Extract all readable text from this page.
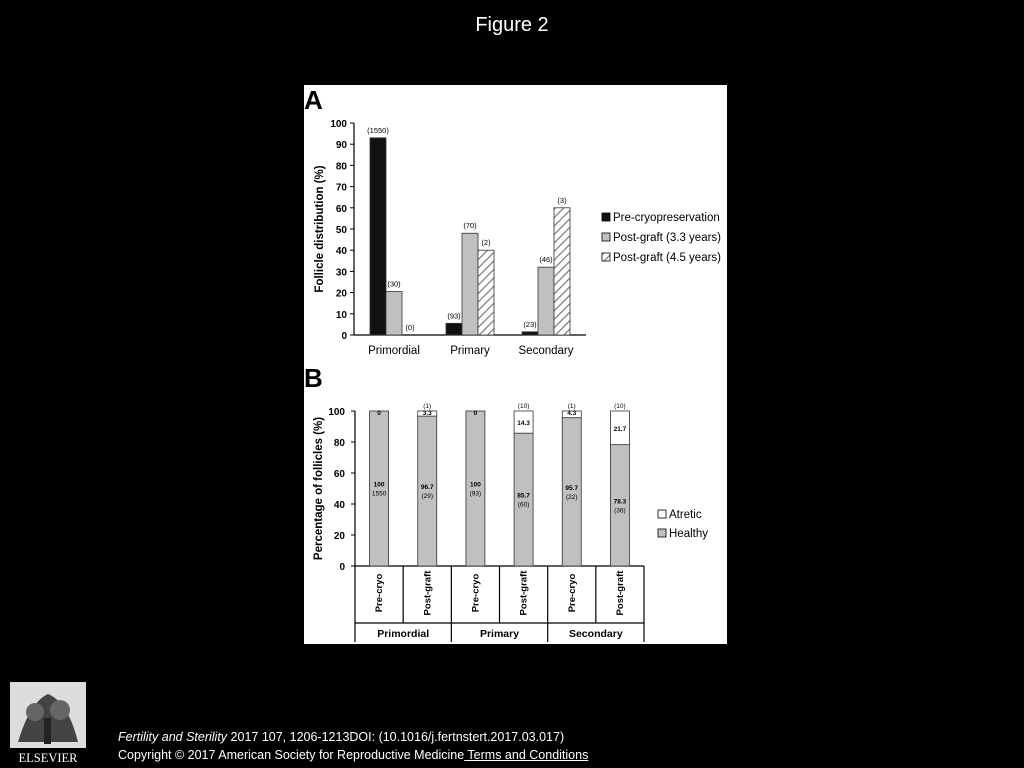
Figure 2
A
0
10
20
30
40
50
60
70
80
90
100
Follicle distribution (%)
(1550)
(30)
(0)
Primordial
(93)
(70)
(2)
Primary
(23)
(46)
(3)
Secondary
Pre-cryopreservation
Post-graft (3.3 years)
Post-graft (4.5 years)
B
0
20
40
60
80
100
Percentage of follicles (%)	100
1550
0
Pre-cryo
96.7
(29)
3.3
(1)
Post-graft
100
(93)
0
Pre-cryo
85.7
(60)
14.3
(10)
Post-graft
95.7
(22)
4.3
(1)
Pre-cryo
78.3
(36)
21.7
(10)
Post-graft
Primordial	Primary	Secondary
Atretic
Healthy
ELSEVIER
Fertility and Sterility 2017 107, 1206-1213DOI: (10.1016/j.fertnstert.2017.03.017)
Copyright © 2017 American Society for Reproductive Medicine Terms and Conditions
